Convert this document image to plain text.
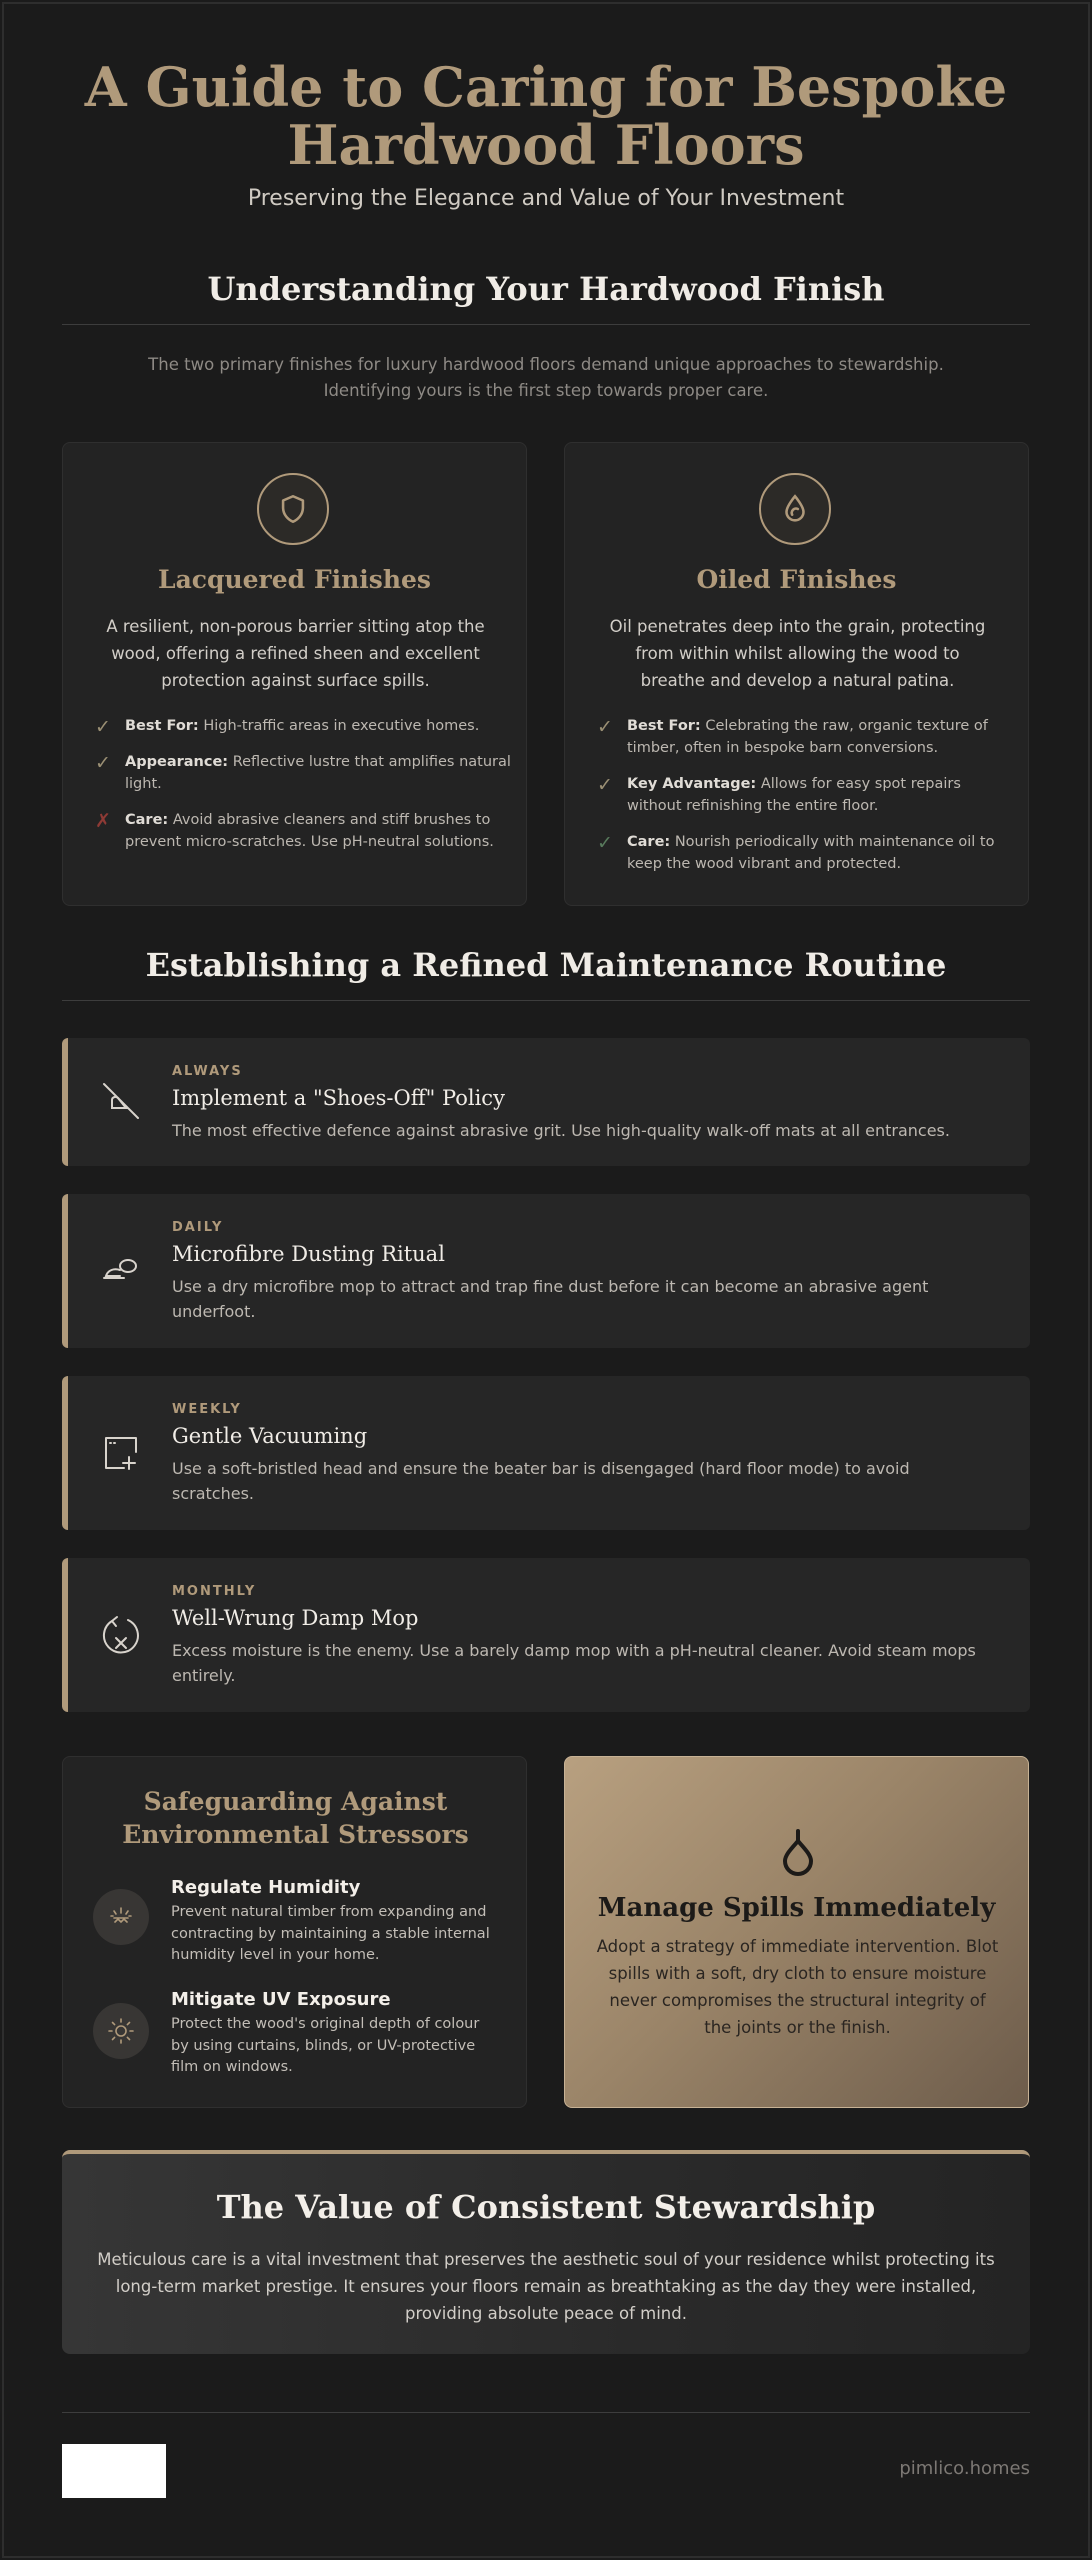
A Guide to Caring for Bespoke
Hardwood Floors
Preserving the Elegance and Value of Your Investment
Understanding Your Hardwood Finish

The two primary finishes for luxury hardwood floors demand unique approaches to stewardship.
Identifying yours is the first step towards proper care.

Lacquered Finishes

A resilient, non-porous barrier sitting atop the wood, offering a refined sheen and excellent protection against surface spills.

✓ Best For: High-traffic areas in executive homes.
✓ Appearance: Reflective lustre that amplifies natural light.
✗ Care: Avoid abrasive cleaners and stiff brushes to prevent micro-scratches. Use pH-neutral solutions.
Oiled Finishes

Oil penetrates deep into the grain, protecting from within whilst allowing the wood to breathe and develop a natural patina.

✓ Best For: Celebrating the raw, organic texture of timber, often in bespoke barn conversions.
✓ Key Advantage: Allows for easy spot repairs without refinishing the entire floor.
✓ Care: Nourish periodically with maintenance oil to keep the wood vibrant and protected.
Establishing a Refined Maintenance Routine
ALWAYS
Implement a "Shoes-Off" Policy
The most effective defence against abrasive grit. Use high-quality walk-off mats at all entrances.
DAILY
Microfibre Dusting Ritual
Use a dry microfibre mop to attract and trap fine dust before it can become an abrasive agent underfoot.
WEEKLY
Gentle Vacuuming
Use a soft-bristled head and ensure the beater bar is disengaged (hard floor mode) to avoid scratches.
MONTHLY
Well-Wrung Damp Mop
Excess moisture is the enemy. Use a barely damp mop with a pH-neutral cleaner. Avoid steam mops entirely.
Safeguarding Against
Environmental Stressors
Regulate Humidity
Prevent natural timber from expanding and contracting by maintaining a stable internal humidity level in your home.
Mitigate UV Exposure
Protect the wood's original depth of colour by using curtains, blinds, or UV-protective film on windows.
Manage Spills Immediately

Adopt a strategy of immediate intervention. Blot spills with a soft, dry cloth to ensure moisture never compromises the structural integrity of the joints or the finish.

The Value of Consistent Stewardship

Meticulous care is a vital investment that preserves the aesthetic soul of your residence whilst protecting its long-term market prestige. It ensures your floors remain as breathtaking as the day they were installed, providing absolute peace of mind.

pimlico.homes
